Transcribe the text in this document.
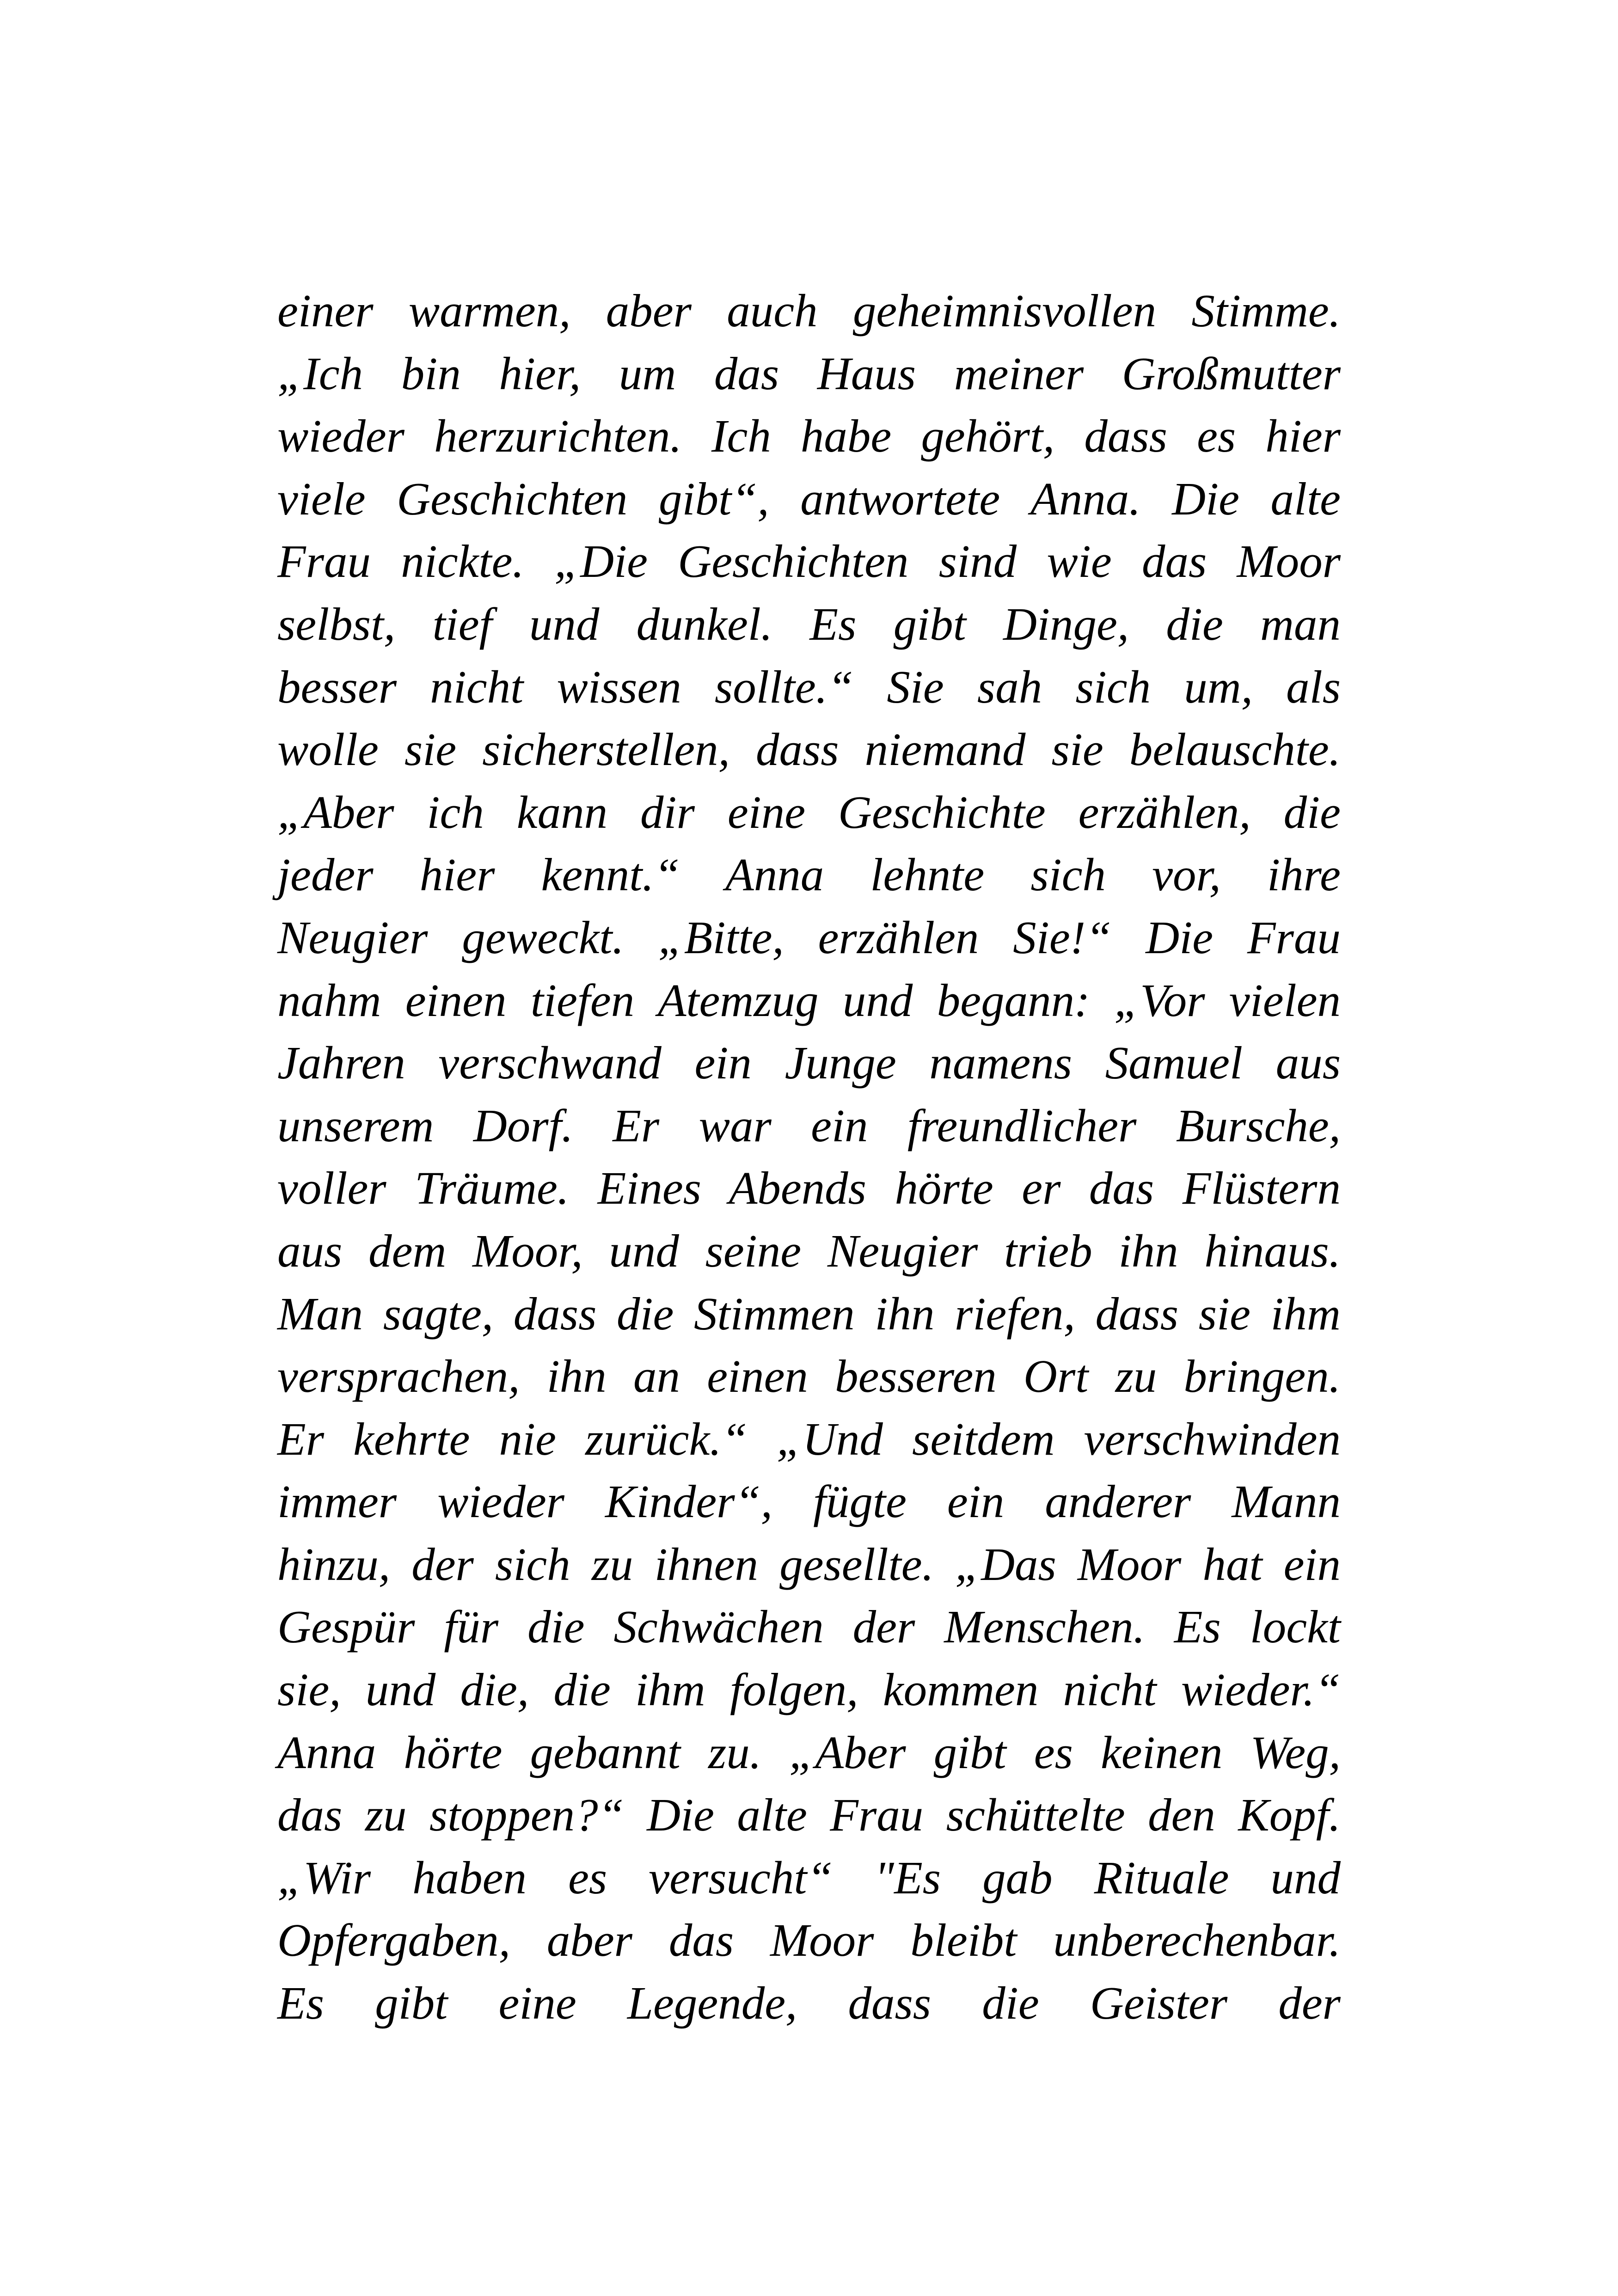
einer warmen, aber auch geheimnisvollen Stimme.
„Ich bin hier, um das Haus meiner Großmutter
wieder herzurichten. Ich habe gehört, dass es hier
viele Geschichten gibt“, antwortete Anna. Die alte
Frau nickte. „Die Geschichten sind wie das Moor
selbst, tief und dunkel. Es gibt Dinge, die man
besser nicht wissen sollte.“ Sie sah sich um, als
wolle sie sicherstellen, dass niemand sie belauschte.
„Aber ich kann dir eine Geschichte erzählen, die
jeder hier kennt.“ Anna lehnte sich vor, ihre
Neugier geweckt. „Bitte, erzählen Sie!“ Die Frau
nahm einen tiefen Atemzug und begann: „Vor vielen
Jahren verschwand ein Junge namens Samuel aus
unserem Dorf. Er war ein freundlicher Bursche,
voller Träume. Eines Abends hörte er das Flüstern
aus dem Moor, und seine Neugier trieb ihn hinaus.
Man sagte, dass die Stimmen ihn riefen, dass sie ihm
versprachen, ihn an einen besseren Ort zu bringen.
Er kehrte nie zurück.“ „Und seitdem verschwinden
immer wieder Kinder“, fügte ein anderer Mann
hinzu, der sich zu ihnen gesellte. „Das Moor hat ein
Gespür für die Schwächen der Menschen. Es lockt
sie, und die, die ihm folgen, kommen nicht wieder.“
Anna hörte gebannt zu. „Aber gibt es keinen Weg,
das zu stoppen?“ Die alte Frau schüttelte den Kopf.
„Wir haben es versucht“ "Es gab Rituale und
Opfergaben, aber das Moor bleibt unberechenbar.
Es gibt eine Legende, dass die Geister der
